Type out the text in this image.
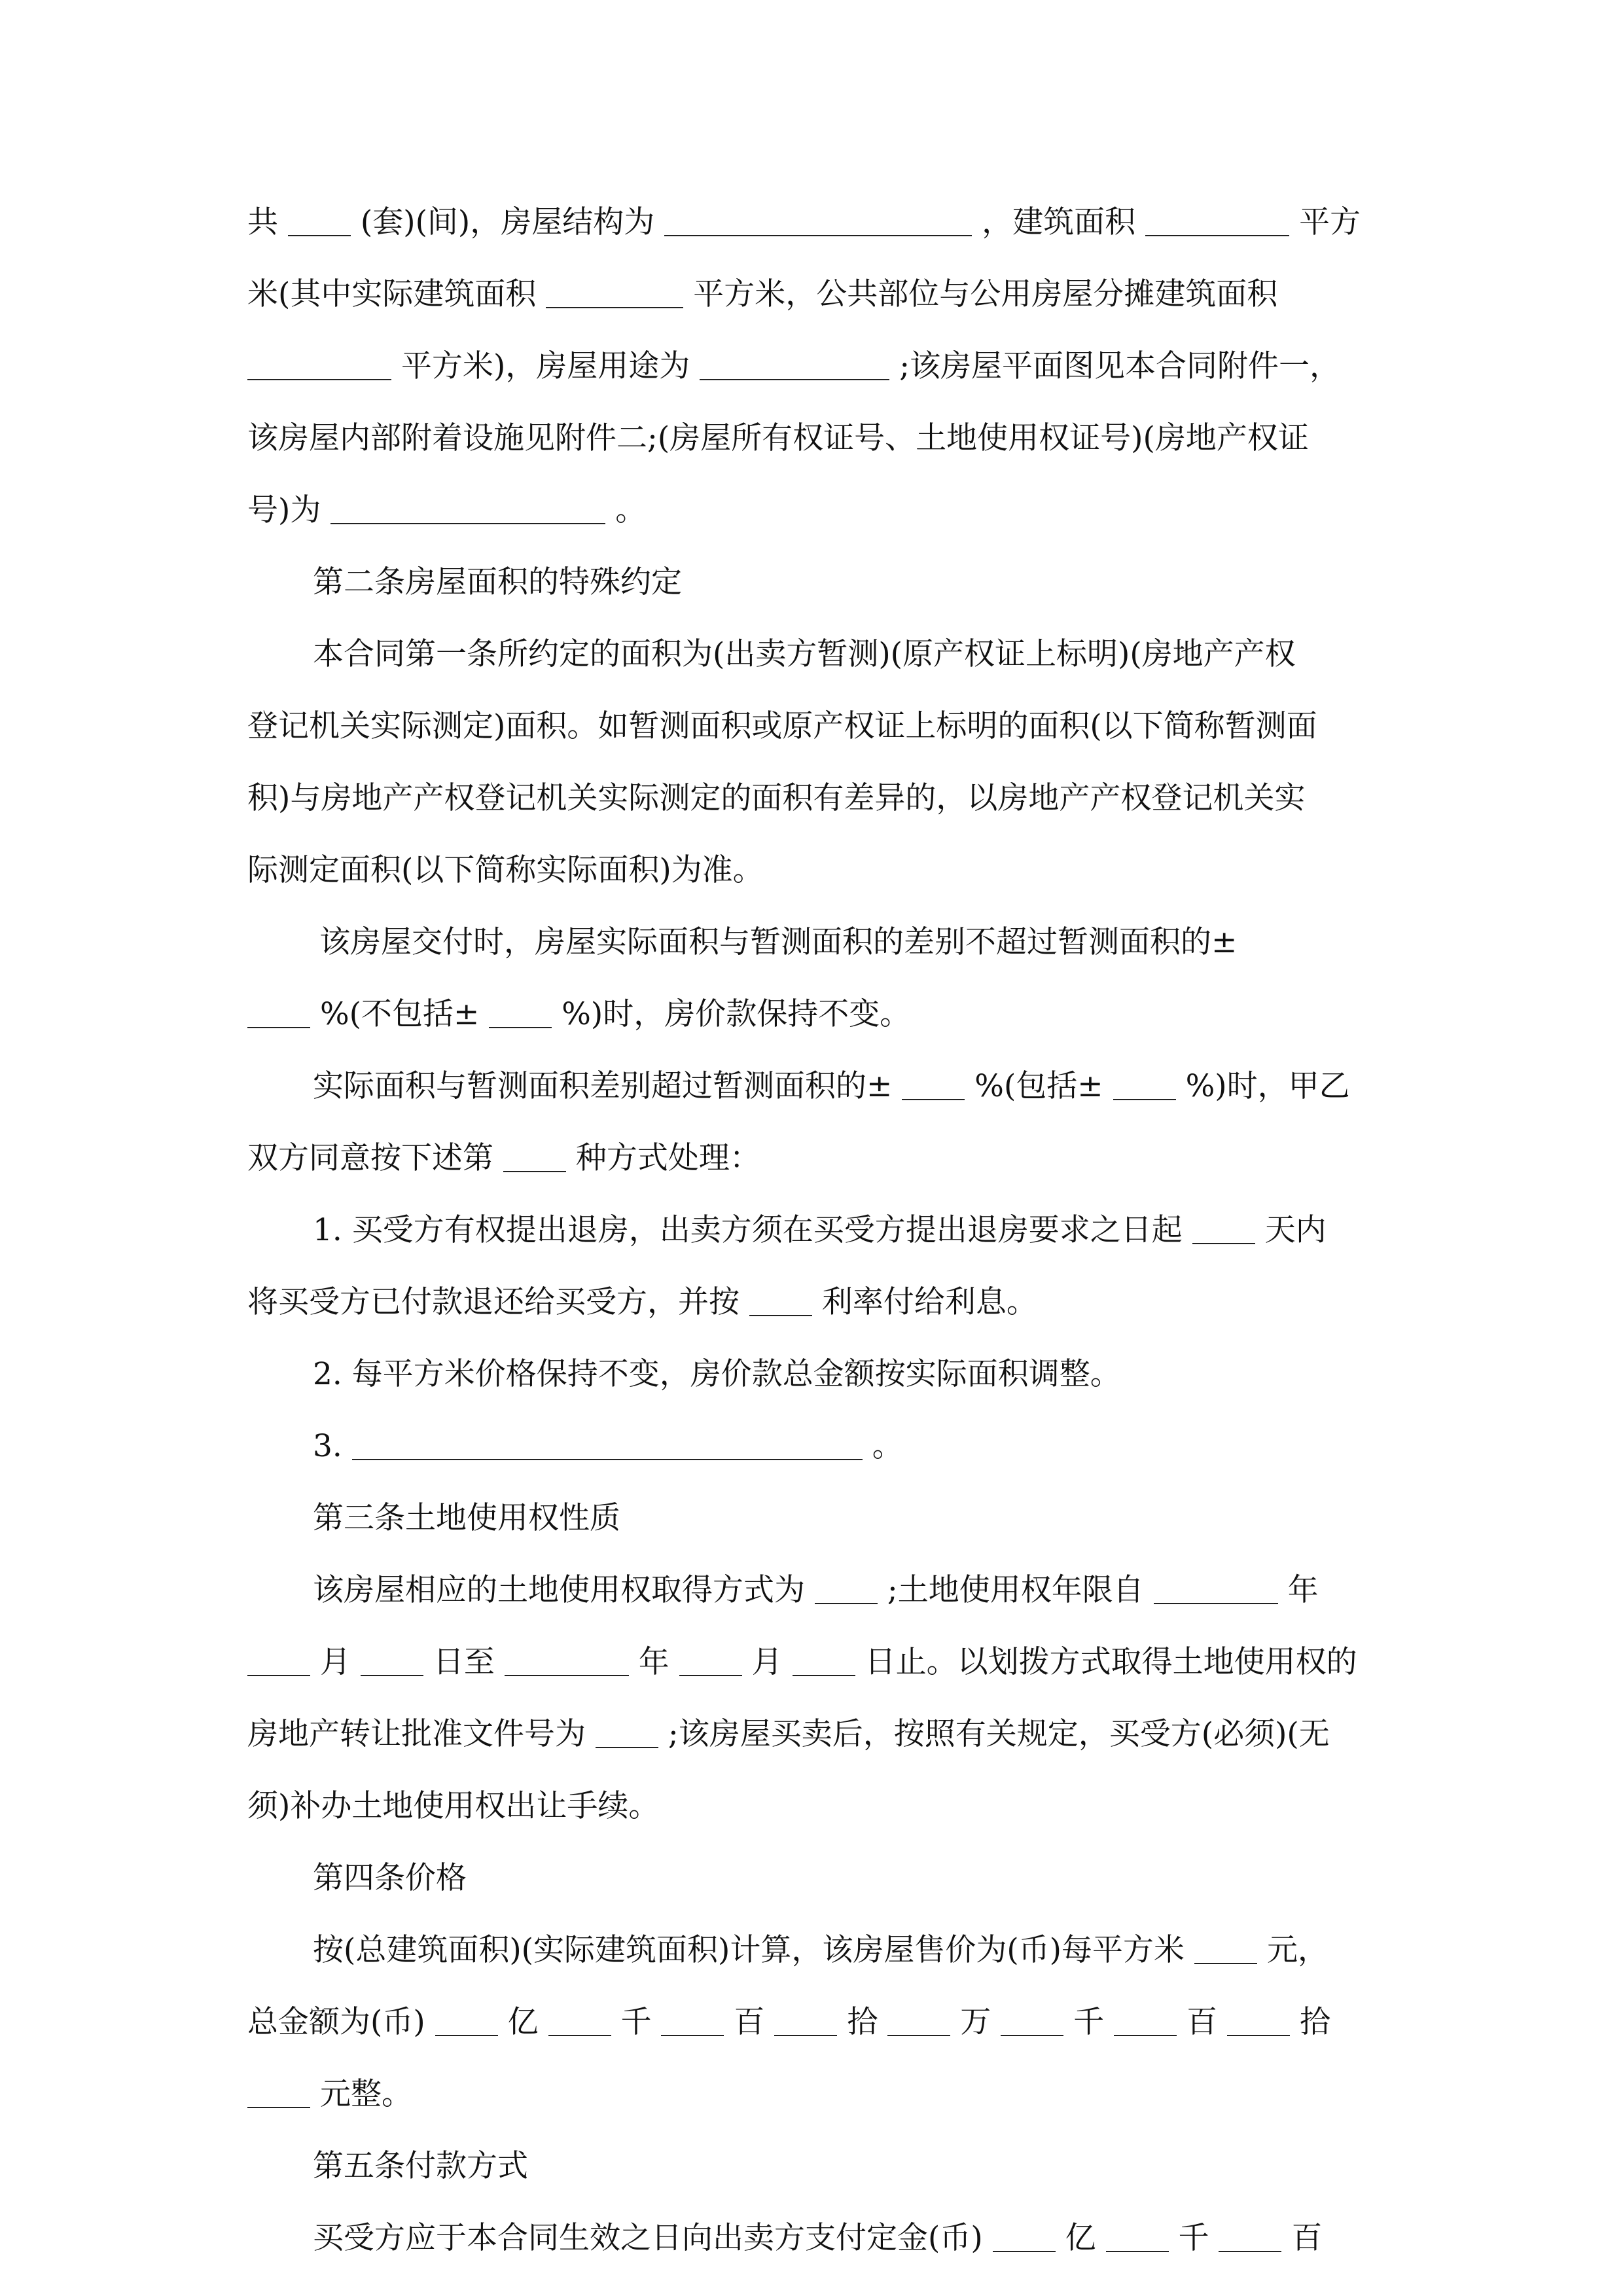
共	(套)(间)，房屋结构为	，建筑面积	平方
米(其中实际建筑面积	平方米，公共部位与公用房屋分摊建筑面积
平方米)，房屋用途为	;该房屋平面图见本合同附件一，
该房屋内部附着设施见附件二;(房屋所有权证号、土地使用权证号)(房地产权证
号)为	。
第二条房屋面积的特殊约定
本合同第一条所约定的面积为(出卖方暂测)(原产权证上标明)(房地产产权
登记机关实际测定)面积。如暂测面积或原产权证上标明的面积(以下简称暂测面
积)与房地产产权登记机关实际测定的面积有差异的，以房地产产权登记机关实
际测定面积(以下简称实际面积)为准。
该房屋交付时，房屋实际面积与暂测面积的差别不超过暂测面积的±
%(不包括±	%)时，房价款保持不变。
实际面积与暂测面积差别超过暂测面积的±	%(包括±	%)时，甲乙
双方同意按下述第	种方式处理：
1. 买受方有权提出退房，出卖方须在买受方提出退房要求之日起	天内
将买受方已付款退还给买受方，并按	利率付给利息。
2. 每平方米价格保持不变，房价款总金额按实际面积调整。
3.	。
第三条土地使用权性质
该房屋相应的土地使用权取得方式为	;土地使用权年限自	年
月	日至	年	月	日止。以划拨方式取得土地使用权的
房地产转让批准文件号为	;该房屋买卖后，按照有关规定，买受方(必须)(无
须)补办土地使用权出让手续。
第四条价格
按(总建筑面积)(实际建筑面积)计算，该房屋售价为(币)每平方米	元，
总金额为(币)	亿	千	百	拾	万	千	百	拾
元整。
第五条付款方式
买受方应于本合同生效之日向出卖方支付定金(币)	亿	千	百
